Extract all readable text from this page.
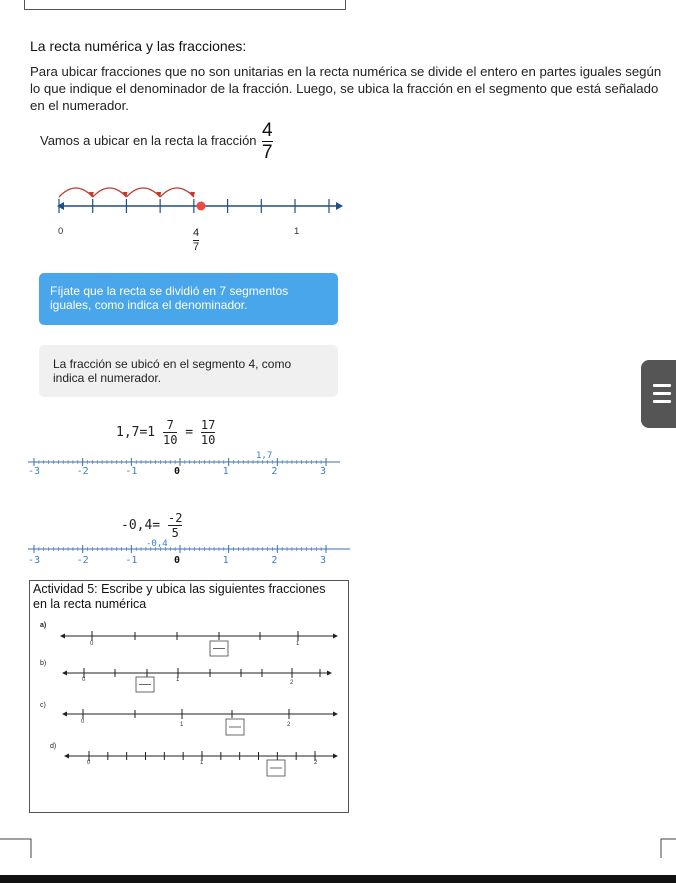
La recta numérica y las fracciones:
Para ubicar fracciones que no son unitarias en la recta numérica se divide el entero en partes iguales según lo que indique el denominador de la fracción. Luego, se ubica la fracción en el segmento que está señalado en el numerador.
Vamos a ubicar en la recta la fracción $\frac{4}{7}$
0	1
$\frac{4}{7}$
Fíjate que la recta se dividió en 7 segmentos iguales, como indica el denominador.
La fracción se ubicó en el segmento 4, como indica el numerador.
$1,7=1 \frac{7}{10} = \frac{17}{10}$
1,7
-3	-2	-1	0	1	2	3
$-0,4= \frac{-2}{5}$
-0,4
-3	-2	-1	0	1	2	3
Actividad 5: Escribe y ubica las siguientes fracciones en la recta numérica
a)
0	1
b)
0	1	2
c)
0	1	2
d)
0	1	2
